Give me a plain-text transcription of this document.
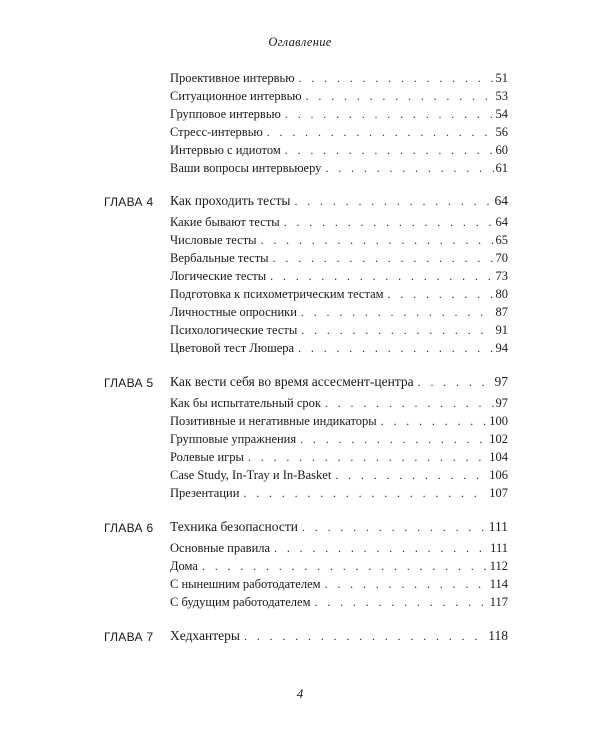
Оглавление
Проективное интервью . . .	51
Ситуационное интервью . . .	53
Групповое интервью . . .	54
Стресс-интервью . . .	56
Интервью с идиотом . . .	60
Ваши вопросы интервьюеру . . .	61
ГЛАВА 4 Как проходить тесты . . .	64
Какие бывают тесты . . .	64
Числовые тесты . . .	65
Вербальные тесты . . .	70
Логические тесты . . .	73
Подготовка к психометрическим тестам . . .	80
Личностные опросники . . .	87
Психологические тесты . . .	91
Цветовой тест Люшера . . .	94
ГЛАВА 5 Как вести себя во время ассесмент-центра . . .	97
Как бы испытательный срок . . .	97
Позитивные и негативные индикаторы . . .	100
Групповые упражнения . . .	102
Ролевые игры . . .	104
Case Study, In-Tray и In-Basket . . .	106
Презентации . . .	107
ГЛАВА 6 Техника безопасности . . .	111
Основные правила . . .	111
Дома . . .	112
С нынешним работодателем . . .	114
С будущим работодателем . . .	117
ГЛАВА 7 Хедхантеры . . .	118
4
